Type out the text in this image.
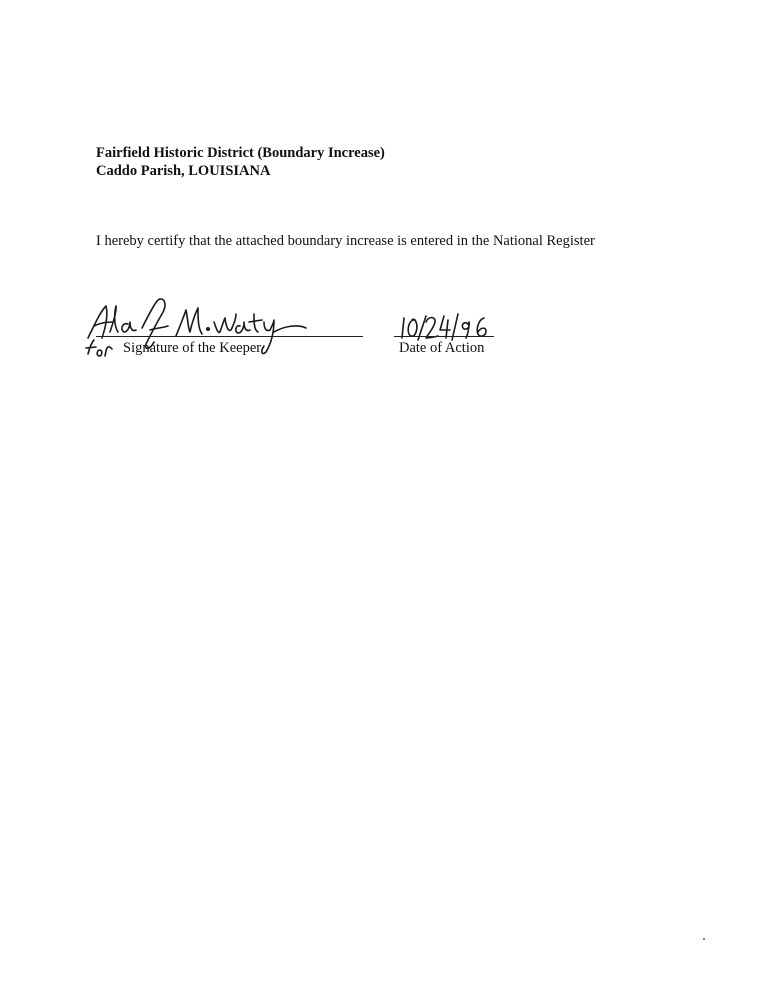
Fairfield Historic District (Boundary Increase)
Caddo Parish, LOUISIANA
I hereby certify that the attached boundary increase is entered in the National Register
Signature of the Keeper	Date of Action
